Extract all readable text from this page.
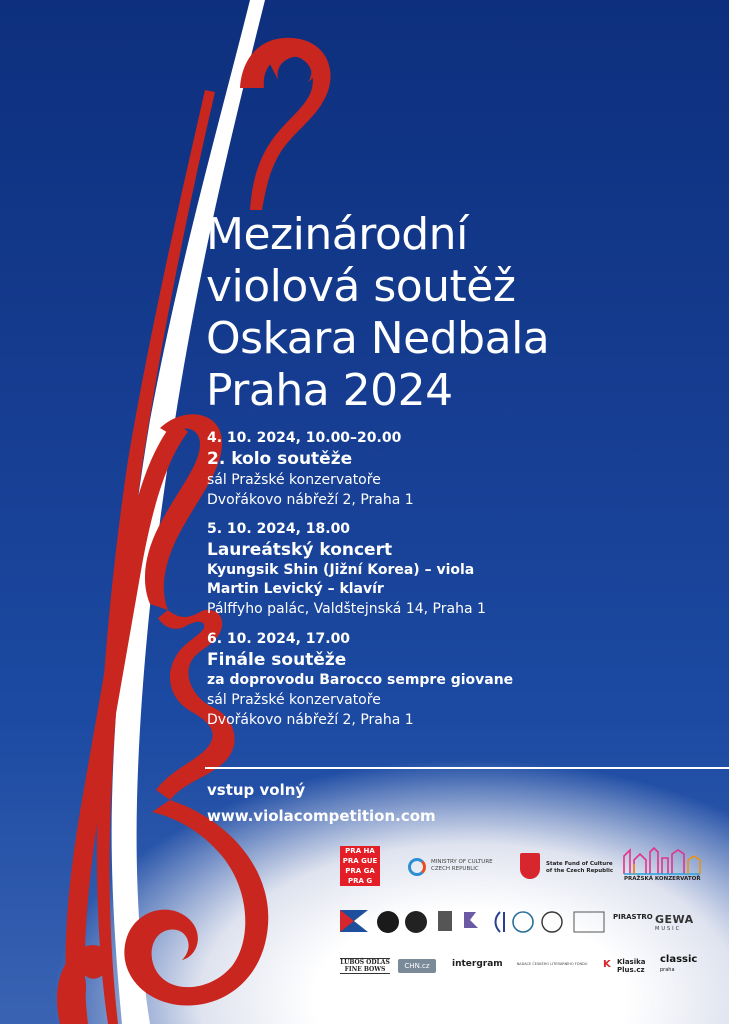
Mezinárodní
violová soutěž
Oskara Nedbala
Praha 2024
4. 10. 2024, 10.00–20.00
2. kolo soutěže
sál Pražské konzervatoře
Dvořákovo nábřeží 2, Praha 1
5. 10. 2024, 18.00
Laureátský koncert
Kyungsik Shin (Jižní Korea) – viola
Martin Levický – klavír
Pálffyho palác, Valdštejnská 14, Praha 1
6. 10. 2024, 17.00
Finále soutěže
za doprovodu Barocco sempre giovane
sál Pražské konzervatoře
Dvořákovo nábřeží 2, Praha 1
vstup volný
www.violacompetition.com
PRA HA
PRA GUE
PRA GA
PRA G
MINISTRY OF CULTURE CZECH REPUBLIC
State Fund of Culture of the Czech Republic
PRAŽSKÁ KONZERVATOŘ
PIRASTRO GEWA
MUSIC
LUBOŠ ODLAS FINE BOWS	CHN.cz	intergram	NADACE ČESKÉHO LITERÁRNÍHO FONDU	K Klasika Plus.cz
classic
praha
